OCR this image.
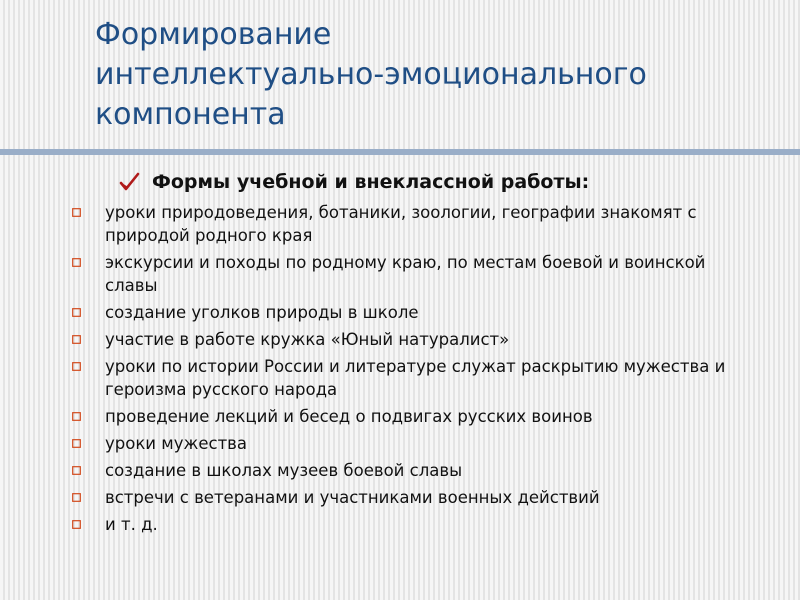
Формирование
интеллектуально-эмоционального
компонента
Формы учебной и внеклассной работы:
уроки природоведения, ботаники, зоологии, географии знакомят с природой родного края
экскурсии и походы по родному краю, по местам боевой и воинской славы
создание уголков природы в школе
участие в работе кружка «Юный натуралист»
уроки по истории России и литературе служат раскрытию мужества и героизма русского народа
проведение лекций и бесед о подвигах русских воинов
уроки мужества
создание в школах музеев боевой славы
встречи с ветеранами и участниками военных действий
и т. д.
